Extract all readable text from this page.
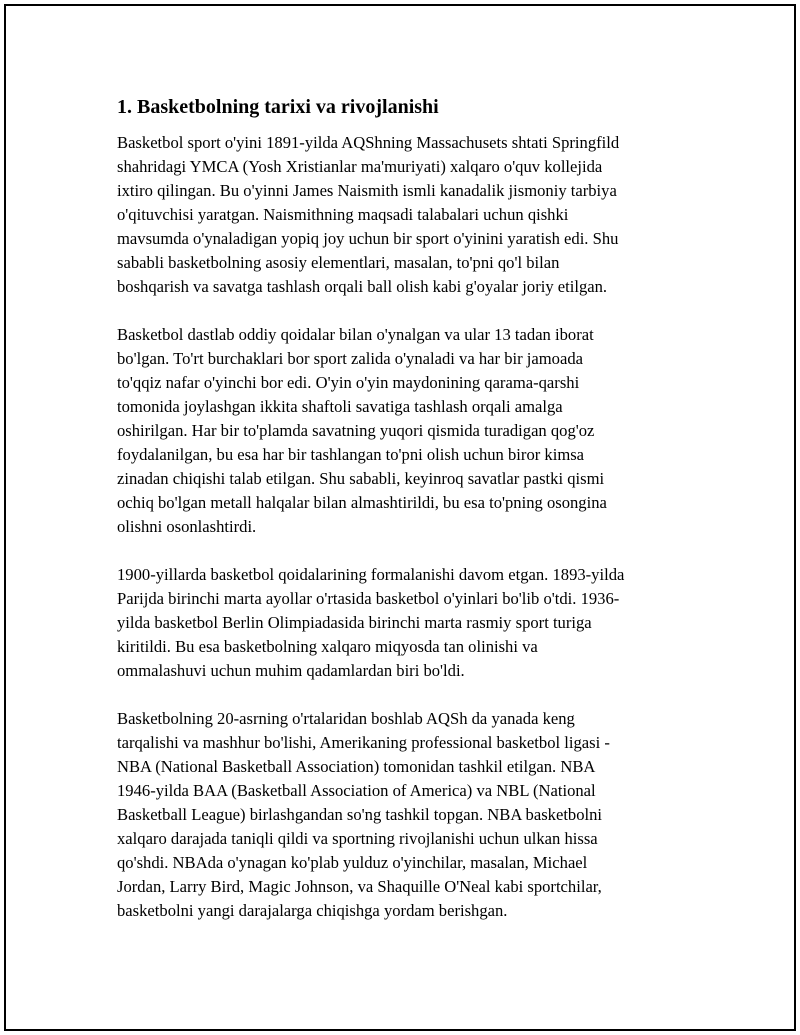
1. Basketbolning tarixi va rivojlanishi

Basketbol sport o'yini 1891-yilda AQShning Massachusets shtati Springfild
shahridagi YMCA (Yosh Xristianlar ma'muriyati) xalqaro o'quv kollejida
ixtiro qilingan. Bu o'yinni James Naismith ismli kanadalik jismoniy tarbiya
o'qituvchisi yaratgan. Naismithning maqsadi talabalari uchun qishki
mavsumda o'ynaladigan yopiq joy uchun bir sport o'yinini yaratish edi. Shu
sababli basketbolning asosiy elementlari, masalan, to'pni qo'l bilan
boshqarish va savatga tashlash orqali ball olish kabi g'oyalar joriy etilgan.

Basketbol dastlab oddiy qoidalar bilan o'ynalgan va ular 13 tadan iborat
bo'lgan. To'rt burchaklari bor sport zalida o'ynaladi va har bir jamoada
to'qqiz nafar o'yinchi bor edi. O'yin o'yin maydonining qarama-qarshi
tomonida joylashgan ikkita shaftoli savatiga tashlash orqali amalga
oshirilgan. Har bir to'plamda savatning yuqori qismida turadigan qog'oz
foydalanilgan, bu esa har bir tashlangan to'pni olish uchun biror kimsa
zinadan chiqishi talab etilgan. Shu sababli, keyinroq savatlar pastki qismi
ochiq bo'lgan metall halqalar bilan almashtirildi, bu esa to'pning osongina
olishni osonlashtirdi.

1900-yillarda basketbol qoidalarining formalanishi davom etgan. 1893-yilda
Parijda birinchi marta ayollar o'rtasida basketbol o'yinlari bo'lib o'tdi. 1936-
yilda basketbol Berlin Olimpiadasida birinchi marta rasmiy sport turiga
kiritildi. Bu esa basketbolning xalqaro miqyosda tan olinishi va
ommalashuvi uchun muhim qadamlardan biri bo'ldi.

Basketbolning 20-asrning o'rtalaridan boshlab AQSh da yanada keng
tarqalishi va mashhur bo'lishi, Amerikaning professional basketbol ligasi -
NBA (National Basketball Association) tomonidan tashkil etilgan. NBA
1946-yilda BAA (Basketball Association of America) va NBL (National
Basketball League) birlashgandan so'ng tashkil topgan. NBA basketbolni
xalqaro darajada taniqli qildi va sportning rivojlanishi uchun ulkan hissa
qo'shdi. NBAda o'ynagan ko'plab yulduz o'yinchilar, masalan, Michael
Jordan, Larry Bird, Magic Johnson, va Shaquille O'Neal kabi sportchilar,
basketbolni yangi darajalarga chiqishga yordam berishgan.
